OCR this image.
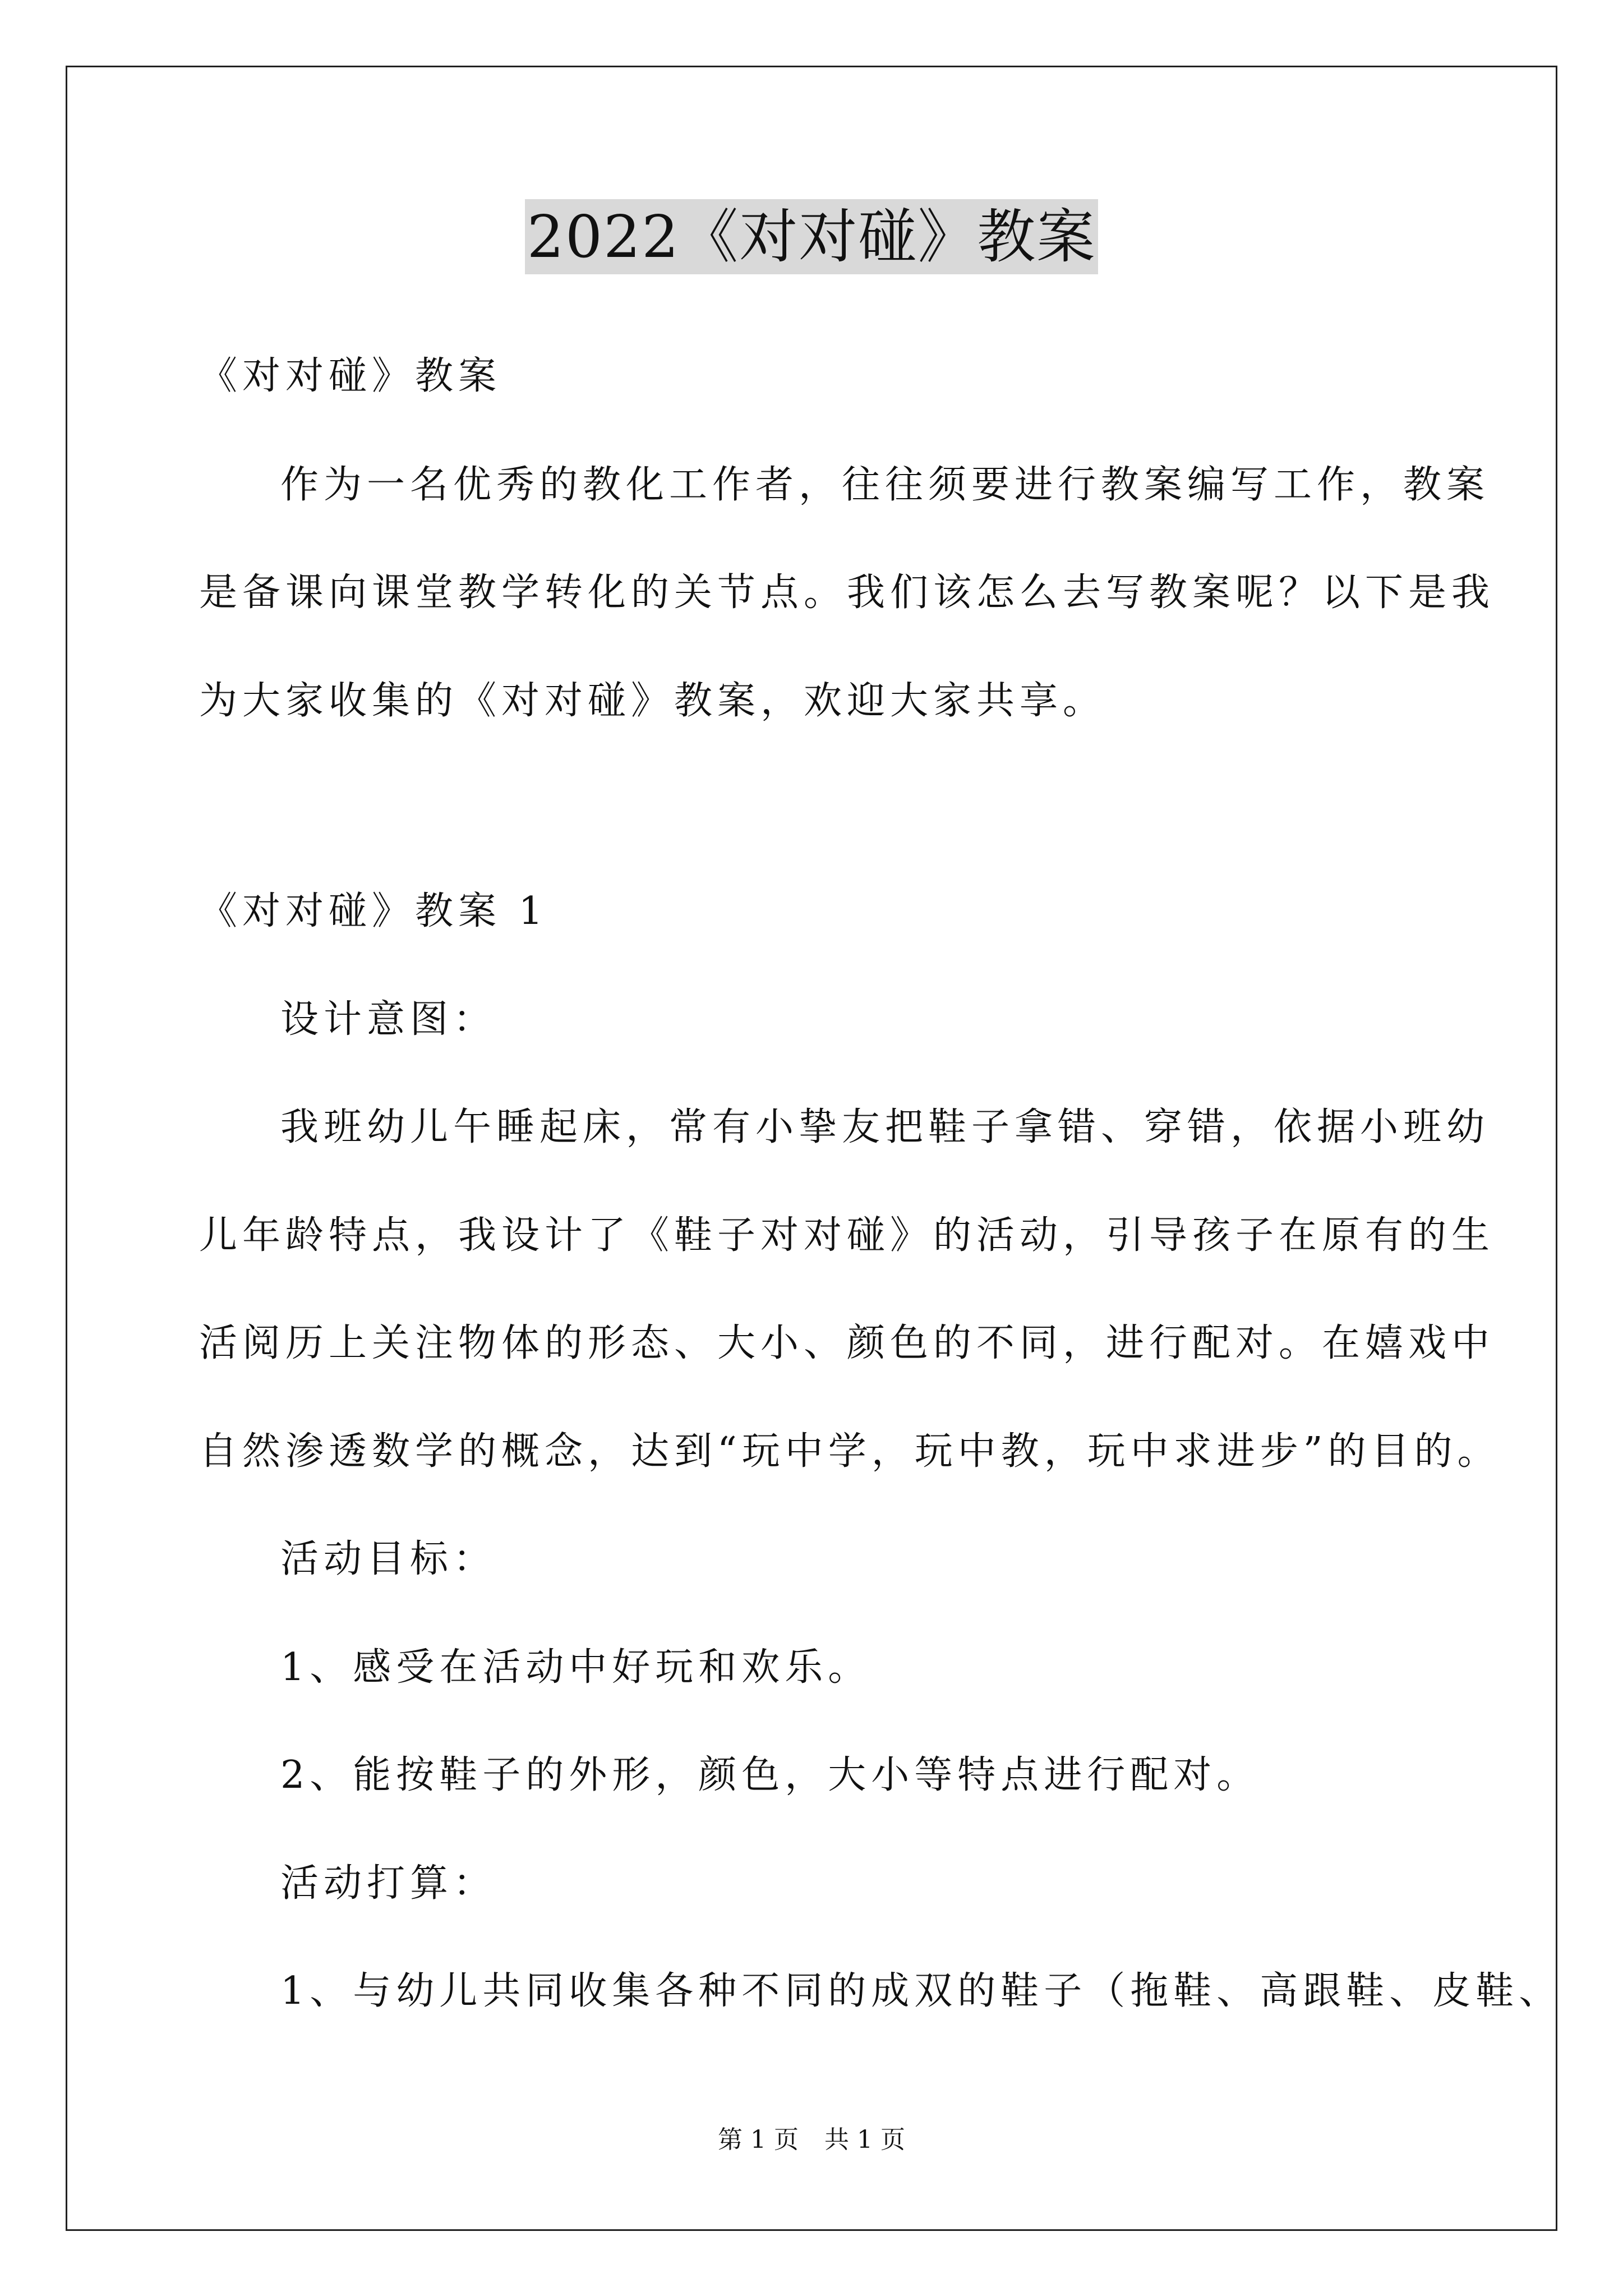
2022《对对碰》教案
《对对碰》教案
作为一名优秀的教化工作者，往往须要进行教案编写工作，教案
是备课向课堂教学转化的关节点。我们该怎么去写教案呢？以下是我
为大家收集的《对对碰》教案，欢迎大家共享。
《对对碰》教案 1
设计意图：
我班幼儿午睡起床，常有小挚友把鞋子拿错、穿错，依据小班幼
儿年龄特点，我设计了《鞋子对对碰》的活动，引导孩子在原有的生
活阅历上关注物体的形态、大小、颜色的不同，进行配对。在嬉戏中
自然渗透数学的概念，达到“玩中学，玩中教，玩中求进步”的目的。
活动目标：
1、感受在活动中好玩和欢乐。
2、能按鞋子的外形，颜色，大小等特点进行配对。
活动打算：
1、与幼儿共同收集各种不同的成双的鞋子（拖鞋、高跟鞋、皮鞋、
第 1 页 共 1 页
